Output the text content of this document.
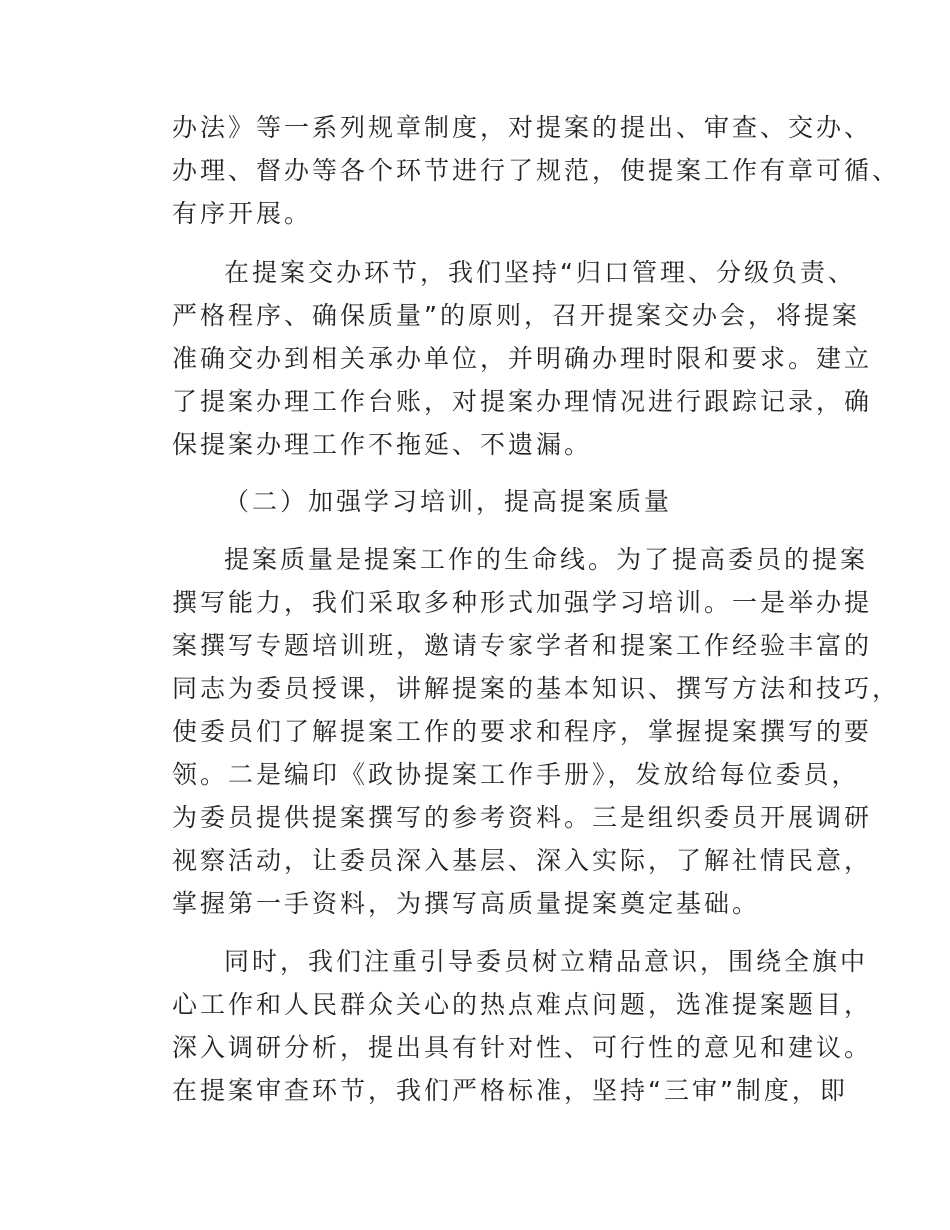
办法》等一系列规章制度，对提案的提出、审查、交办、
办理、督办等各个环节进行了规范，使提案工作有章可循、
有序开展。
在提案交办环节，我们坚持“归口管理、分级负责、
严格程序、确保质量”的原则，召开提案交办会，将提案
准确交办到相关承办单位，并明确办理时限和要求。建立
了提案办理工作台账，对提案办理情况进行跟踪记录，确
保提案办理工作不拖延、不遗漏。
（二）加强学习培训，提高提案质量
提案质量是提案工作的生命线。为了提高委员的提案
撰写能力，我们采取多种形式加强学习培训。一是举办提
案撰写专题培训班，邀请专家学者和提案工作经验丰富的
同志为委员授课，讲解提案的基本知识、撰写方法和技巧，
使委员们了解提案工作的要求和程序，掌握提案撰写的要
领。二是编印《政协提案工作手册》，发放给每位委员，
为委员提供提案撰写的参考资料。三是组织委员开展调研
视察活动，让委员深入基层、深入实际，了解社情民意，
掌握第一手资料，为撰写高质量提案奠定基础。
同时，我们注重引导委员树立精品意识，围绕全旗中
心工作和人民群众关心的热点难点问题，选准提案题目，
深入调研分析，提出具有针对性、可行性的意见和建议。
在提案审查环节，我们严格标准，坚持“三审”制度，即
